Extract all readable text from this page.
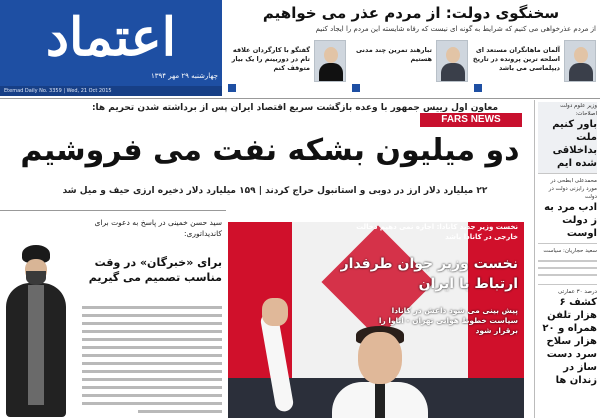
اعتماد
چهارشنبه ۲۹ مهر ۱۳۹۴
Etemad Daily No. 3359 | Wed, 21 Oct 2015
سخنگوی دولت: از مردم عذر می خواهیم
از مردم عذرخواهی می کنیم که شرایط به گونه ای نیست که رفاه شایسته این مردم را ایجاد کنیم
آلمان ماهانگران مستعد ای اسلحه ترین پرونده در تاریخ دیپلماسی می باشد
تبارهند تمرین چند مدنی هستیم
گفتگو با کارگردان علاقه تام در دوربینم را یک بیار متوقف کنم
معاون اول رییس جمهور با وعده بازگشت سریع اقتصاد ایران پس از برداشته شدن تحریم ها:
FARS NEWS
دو میلیون بشکه نفت می فروشیم
۲۲ میلیارد دلار ارز در دوبی و استانبول حراج کردند | ۱۵۹ میلیارد دلار ذخیره ارزی حیف و میل شد
وزیر علوم دولت اصلاحات:
باور کنیم ملت بداخلاقی شده ایم
محمدعلی ابطحی در مورد رایزنی دولت در دولت
ادب مرد به ز دولت اوست
سعید حجاریان: سیاست
درصد ۳۰ عمارتی
کشف ۶ هزار تلفن همراه و ۲۰ هزار سلاح سرد دست ساز در زندان ها
سید حسن خمینی در پاسخ به دعوت برای کاندیداتوری:
برای «خبرگان» در وقت مناسب تصمیم می گیریم
نخست وزیر جدید کانادا: اجازه نمی دهیم دخالت خارجی در کانادا باشد
نخست وزیر جوان طرفدار ارتباط با ایران
پیش بینی می شود داعش در کانادا سیاست خطوط هوایی تهران - اتاوا را برقرار شود
